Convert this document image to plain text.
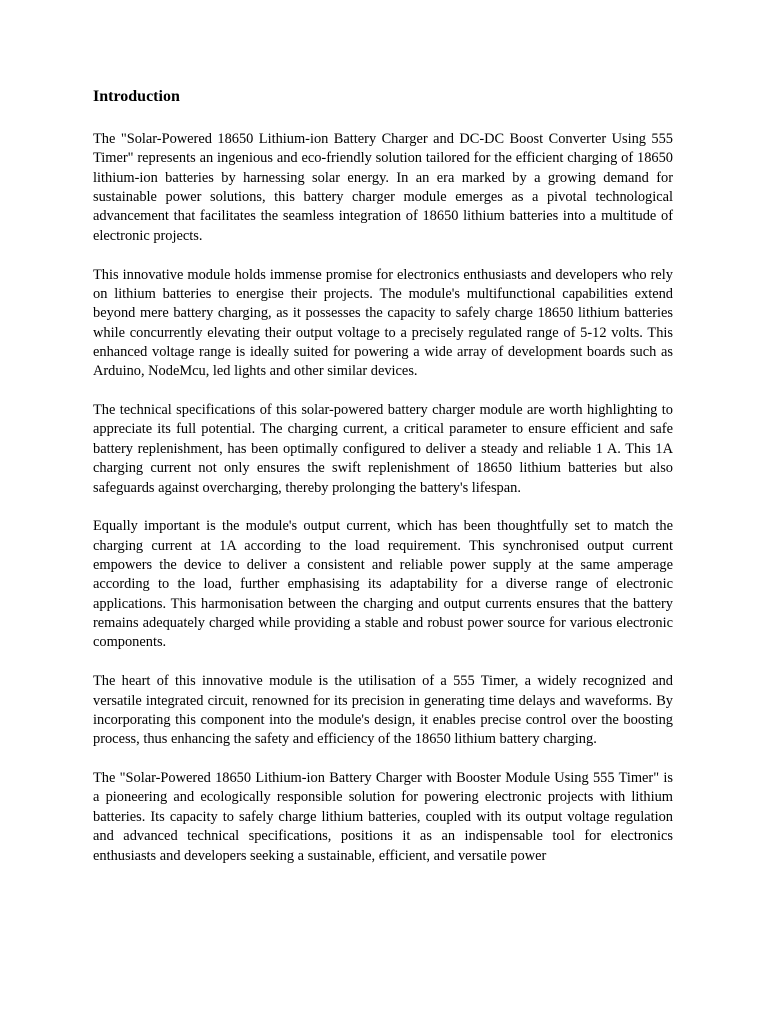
Introduction

The "Solar-Powered 18650 Lithium-ion Battery Charger and DC-DC Boost Converter Using 555 Timer" represents an ingenious and eco-friendly solution tailored for the efficient charging of 18650 lithium-ion batteries by harnessing solar energy. In an era marked by a growing demand for sustainable power solutions, this battery charger module emerges as a pivotal technological advancement that facilitates the seamless integration of 18650 lithium batteries into a multitude of electronic projects.

This innovative module holds immense promise for electronics enthusiasts and developers who rely on lithium batteries to energise their projects. The module's multifunctional capabilities extend beyond mere battery charging, as it possesses the capacity to safely charge 18650 lithium batteries while concurrently elevating their output voltage to a precisely regulated range of 5-12 volts. This enhanced voltage range is ideally suited for powering a wide array of development boards such as Arduino, NodeMcu, led lights and other similar devices.

The technical specifications of this solar-powered battery charger module are worth highlighting to appreciate its full potential. The charging current, a critical parameter to ensure efficient and safe battery replenishment, has been optimally configured to deliver a steady and reliable 1 A. This 1A charging current not only ensures the swift replenishment of 18650 lithium batteries but also safeguards against overcharging, thereby prolonging the battery's lifespan.

Equally important is the module's output current, which has been thoughtfully set to match the charging current at 1A according to the load requirement. This synchronised output current empowers the device to deliver a consistent and reliable power supply at the same amperage according to the load, further emphasising its adaptability for a diverse range of electronic applications. This harmonisation between the charging and output currents ensures that the battery remains adequately charged while providing a stable and robust power source for various electronic components.

The heart of this innovative module is the utilisation of a 555 Timer, a widely recognized and versatile integrated circuit, renowned for its precision in generating time delays and waveforms. By incorporating this component into the module's design, it enables precise control over the boosting process, thus enhancing the safety and efficiency of the 18650 lithium battery charging.

The "Solar-Powered 18650 Lithium-ion Battery Charger with Booster Module Using 555 Timer" is a pioneering and ecologically responsible solution for powering electronic projects with lithium batteries. Its capacity to safely charge lithium batteries, coupled with its output voltage regulation and advanced technical specifications, positions it as an indispensable tool for electronics enthusiasts and developers seeking a sustainable, efficient, and versatile power
